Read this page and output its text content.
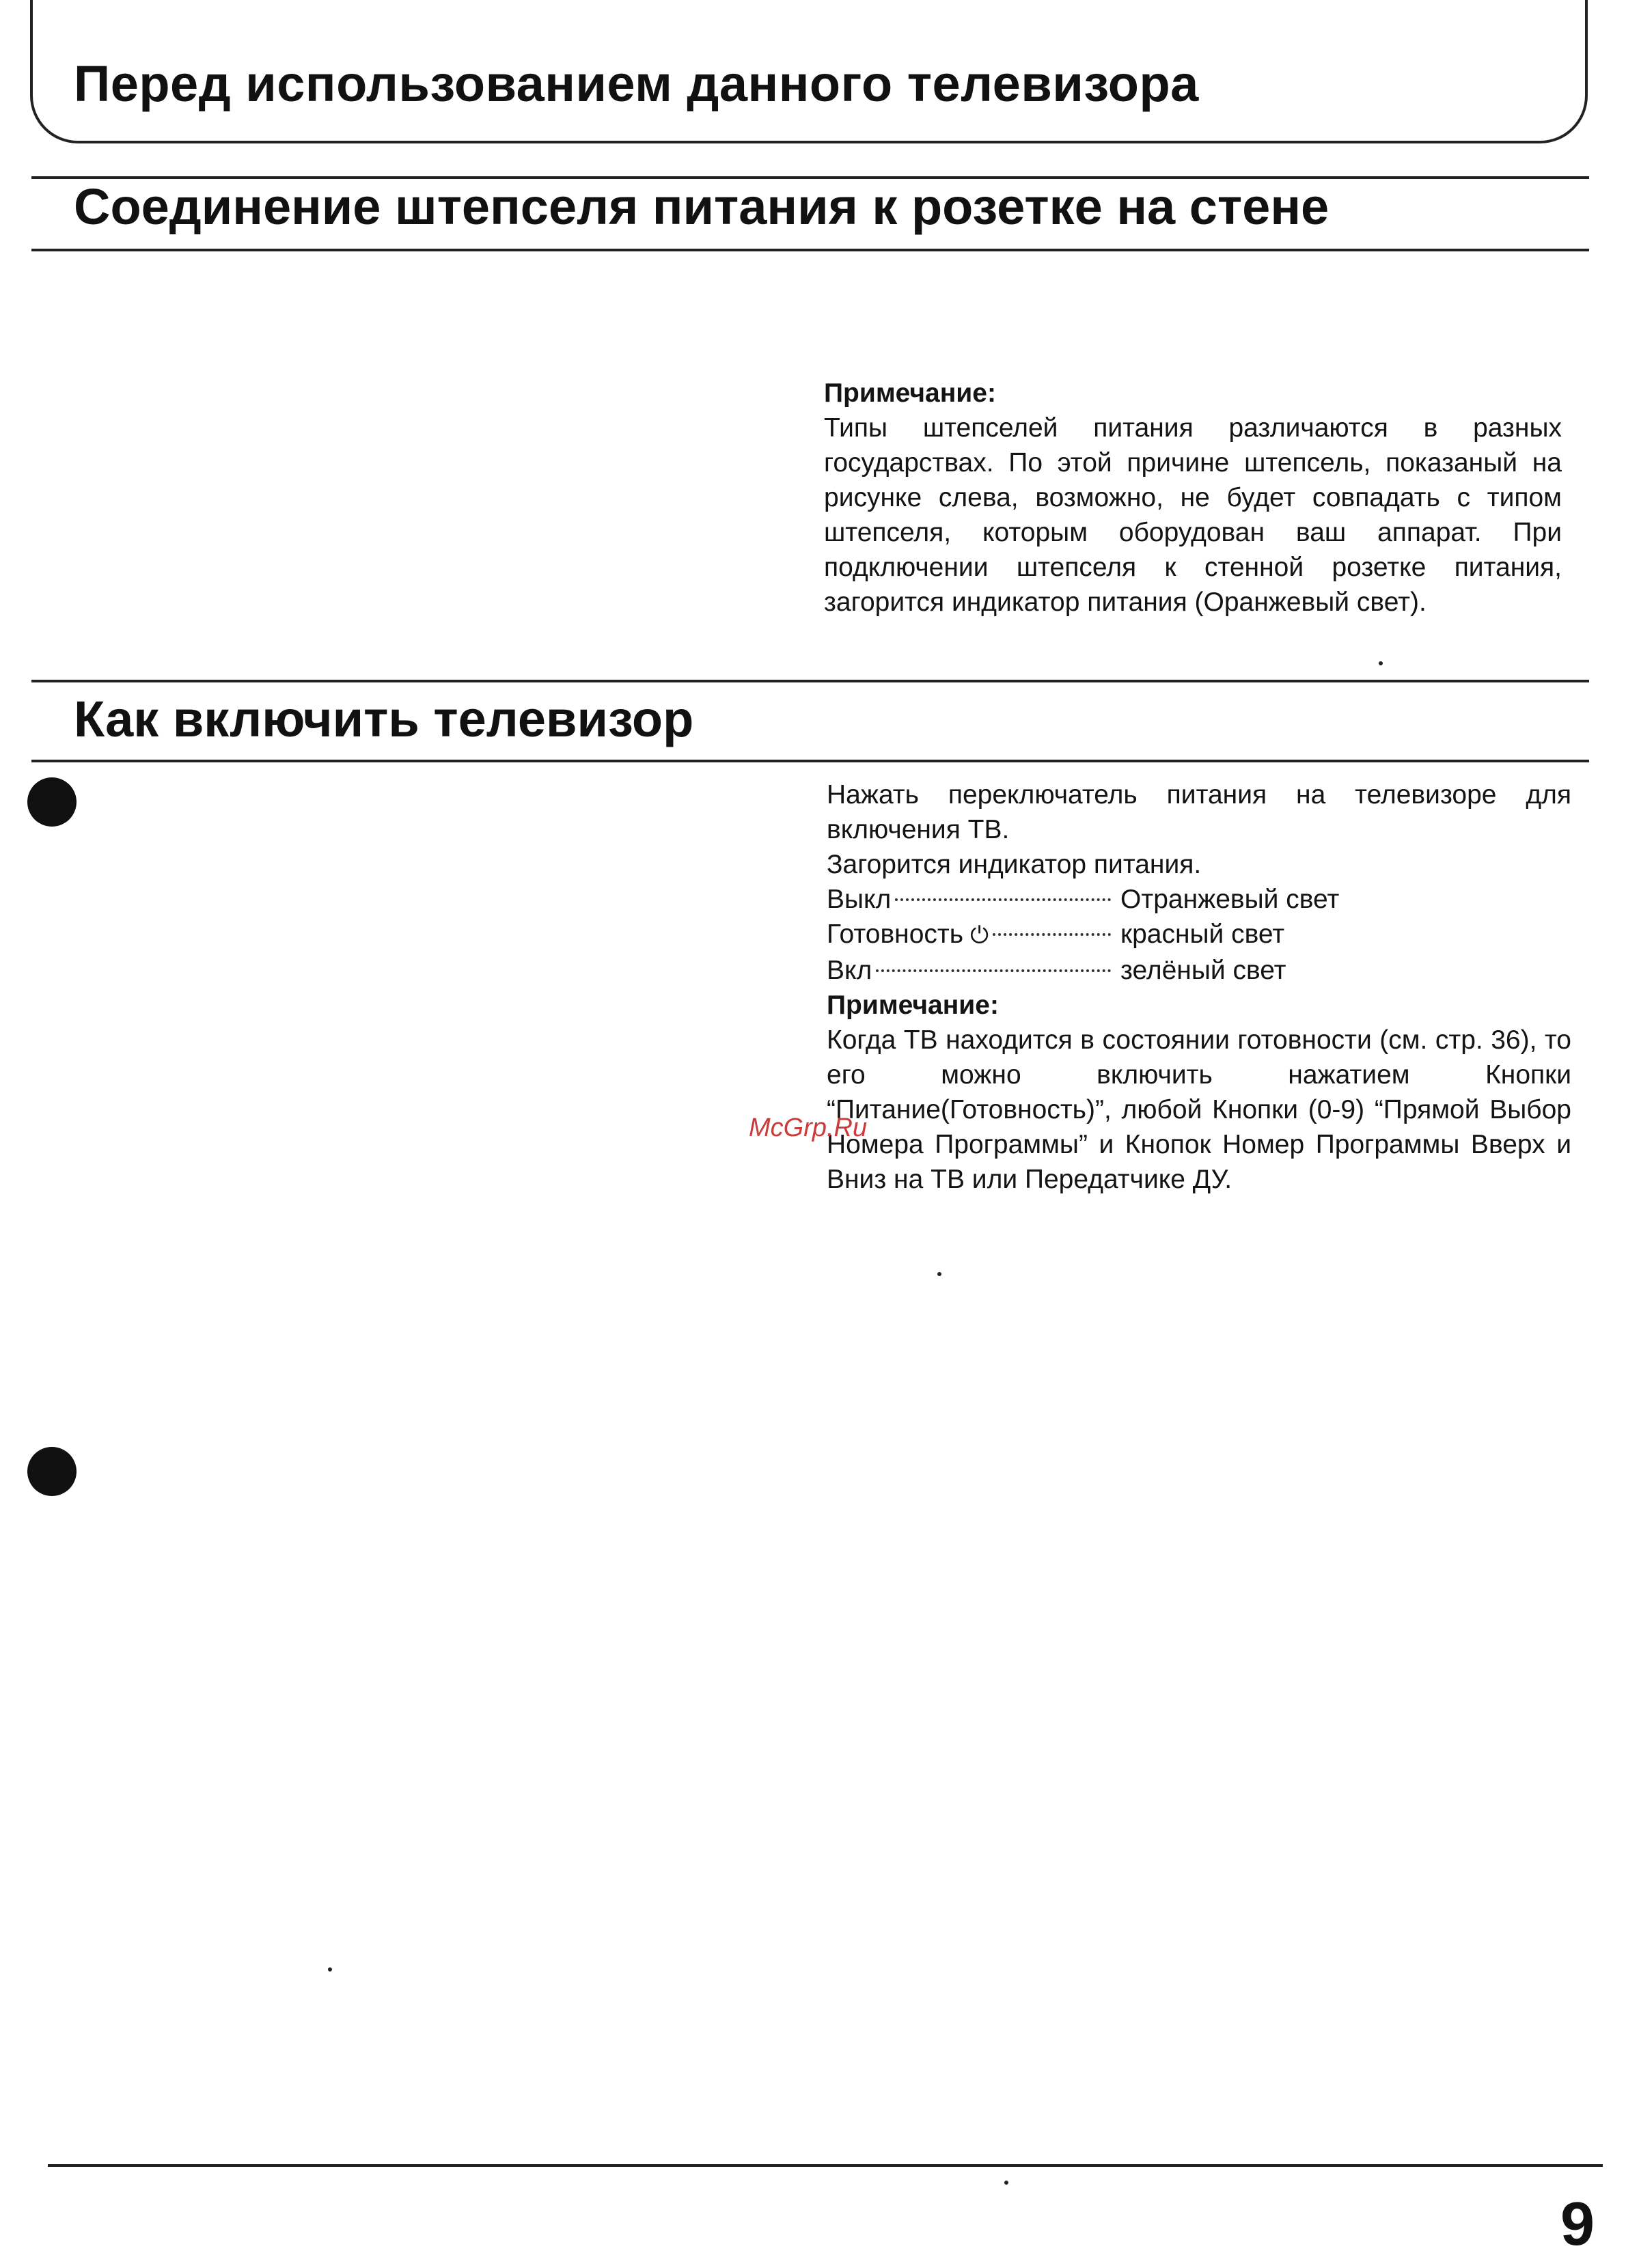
Перед использованием данного телевизора
Соединение штепселя питания к розетке на стене

Примечание:

Типы штепселей питания различаются в разных государствах. По этой причине штепсель, показаный на рисунке слева, возможно, не будет совпадать с типом штепселя, которым оборудован ваш аппарат. При подключении штепселя к стенной розетке питания, загорится индикатор питания (Оранжевый свет).

Как включить телевизор

Нажать переключатель питания на телевизоре для включения ТВ.

Загорится индикатор питания.

Выкл	Отранжевый свет
Готовность ⏻	красный свет
Вкл	зелёный свет

Примечание:

Когда ТВ находится в состоянии готовности (см. стр. 36), то его можно включить нажатием Кнопки “Питание(Готовность)”, любой Кнопки (0-9) “Прямой Выбор Номера Программы” и Кнопок Номер Программы Вверх и Вниз на ТВ или Передатчике ДУ.

McGrp.Ru
9
